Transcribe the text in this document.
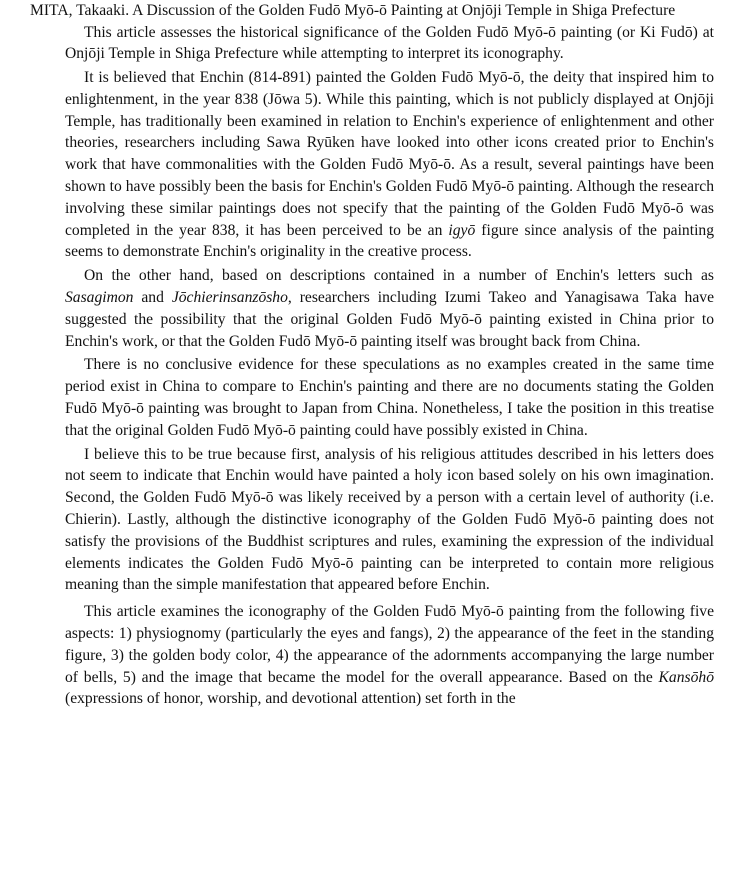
MITA, Takaaki. A Discussion of the Golden Fudō Myō-ō Painting at Onjōji Temple in Shiga Prefecture

This article assesses the historical significance of the Golden Fudō Myō-ō painting (or Ki Fudō) at Onjōji Temple in Shiga Prefecture while attempting to interpret its iconography.

It is believed that Enchin (814-891) painted the Golden Fudō Myō-ō, the deity that inspired him to enlightenment, in the year 838 (Jōwa 5). While this painting, which is not publicly displayed at Onjōji Temple, has traditionally been examined in relation to Enchin's experience of enlightenment and other theories, researchers including Sawa Ryūken have looked into other icons created prior to Enchin's work that have commonalities with the Golden Fudō Myō-ō. As a result, several paintings have been shown to have possibly been the basis for Enchin's Golden Fudō Myō-ō painting. Although the research involving these similar paintings does not specify that the painting of the Golden Fudō Myō-ō was completed in the year 838, it has been perceived to be an igyō figure since analysis of the painting seems to demonstrate Enchin's originality in the creative process.

On the other hand, based on descriptions contained in a number of Enchin's letters such as Sasagimon and Jōchierinsanzōsho, researchers including Izumi Takeo and Yanagisawa Taka have suggested the possibility that the original Golden Fudō Myō-ō painting existed in China prior to Enchin's work, or that the Golden Fudō Myō-ō painting itself was brought back from China.

There is no conclusive evidence for these speculations as no examples created in the same time period exist in China to compare to Enchin's painting and there are no documents stating the Golden Fudō Myō-ō painting was brought to Japan from China. Nonetheless, I take the position in this treatise that the original Golden Fudō Myō-ō painting could have possibly existed in China.

I believe this to be true because first, analysis of his religious attitudes described in his letters does not seem to indicate that Enchin would have painted a holy icon based solely on his own imagination. Second, the Golden Fudō Myō-ō was likely received by a person with a certain level of authority (i.e. Chierin). Lastly, although the distinctive iconography of the Golden Fudō Myō-ō painting does not satisfy the provisions of the Buddhist scriptures and rules, examining the expression of the individual elements indicates the Golden Fudō Myō-ō painting can be interpreted to contain more religious meaning than the simple manifestation that appeared before Enchin.

This article examines the iconography of the Golden Fudō Myō-ō painting from the following five aspects: 1) physiognomy (particularly the eyes and fangs), 2) the appearance of the feet in the standing figure, 3) the golden body color, 4) the appearance of the adornments accompanying the large number of bells, 5) and the image that became the model for the overall appearance. Based on the Kansōhō (expressions of honor, worship, and devotional attention) set forth in the
